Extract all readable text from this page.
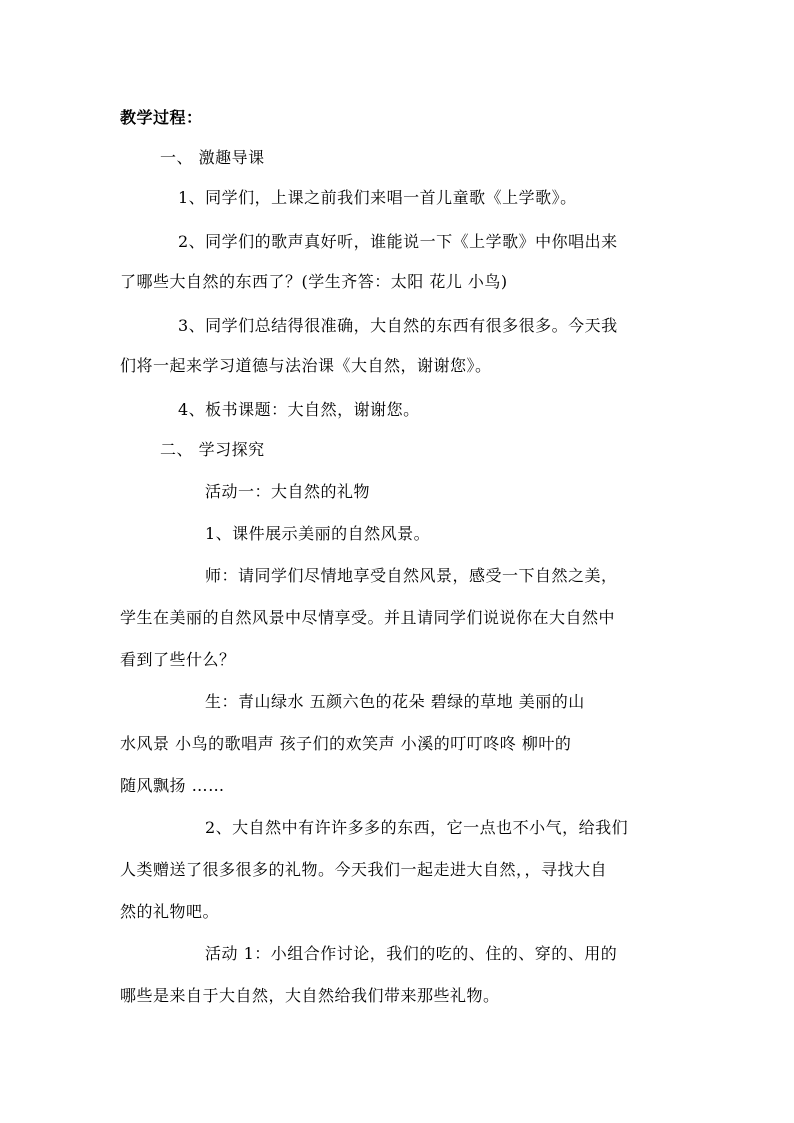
教学过程：
一、 激趣导课
1、同学们，上课之前我们来唱一首儿童歌《上学歌》。
2、同学们的歌声真好听，谁能说一下《上学歌》中你唱出来
了哪些大自然的东西了？(学生齐答：太阳 花儿 小鸟)
3、同学们总结得很准确，大自然的东西有很多很多。今天我
们将一起来学习道德与法治课《大自然，谢谢您》。
4、板书课题：大自然，谢谢您。
二、 学习探究
活动一：大自然的礼物
1、课件展示美丽的自然风景。
师：请同学们尽情地享受自然风景，感受一下自然之美，
学生在美丽的自然风景中尽情享受。并且请同学们说说你在大自然中
看到了些什么？
生：青山绿水 五颜六色的花朵 碧绿的草地 美丽的山
水风景 小鸟的歌唱声 孩子们的欢笑声 小溪的叮叮咚咚 柳叶的
随风飘扬 ……
2、大自然中有许许多多的东西，它一点也不小气，给我们
人类赠送了很多很多的礼物。今天我们一起走进大自然，，寻找大自
然的礼物吧。
活动 1：小组合作讨论，我们的吃的、住的、穿的、用的
哪些是来自于大自然，大自然给我们带来那些礼物。
